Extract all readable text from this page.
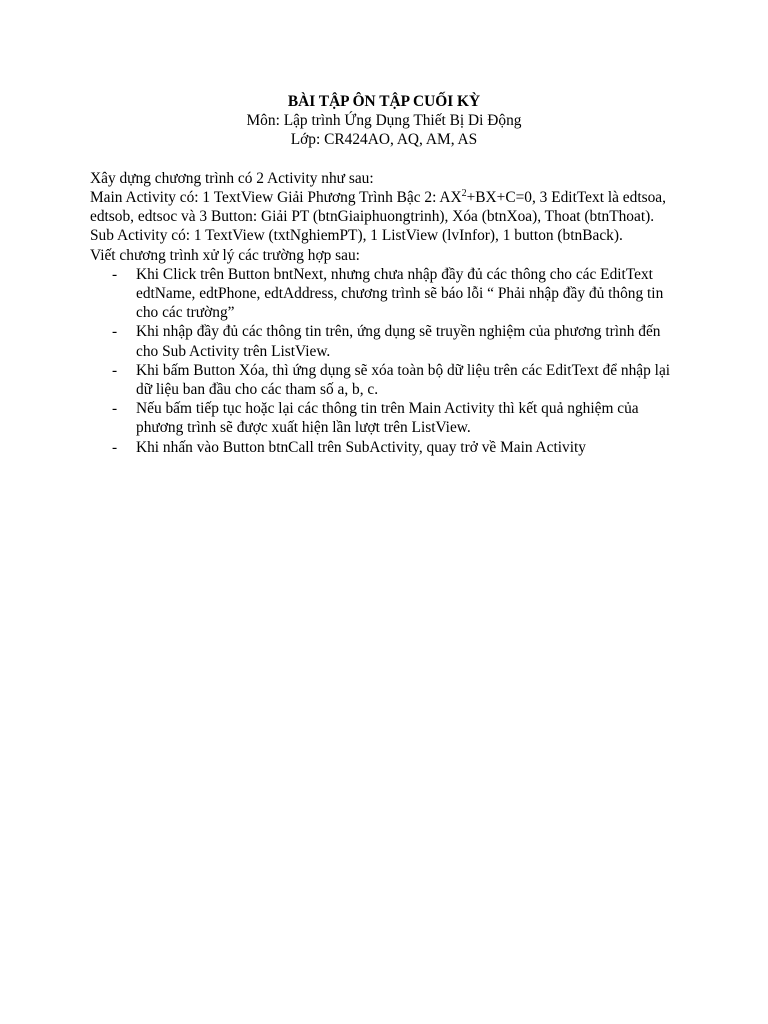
BÀI TẬP ÔN TẬP CUỐI KỲ
Môn: Lập trình Ứng Dụng Thiết Bị Di Động
Lớp: CR424AO, AQ, AM, AS

Xây dựng chương trình có 2 Activity như sau:

Main Activity có: 1 TextView Giải Phương Trình Bậc 2: $AX^2+BX+C=0$, 3 EditText là edtsoa, edtsob, edtsoc và 3 Button: Giải PT (btnGiaiphuongtrinh), Xóa (btnXoa), Thoat (btnThoat).

Sub Activity có: 1 TextView (txtNghiemPT), 1 ListView (lvInfor), 1 button (btnBack).

Viết chương trình xử lý các trường hợp sau:

- Khi Click trên Button bntNext, nhưng chưa nhập đầy đủ các thông cho các EditText edtName, edtPhone, edtAddress, chương trình sẽ báo lỗi “ Phải nhập đầy đủ thông tin cho các trường”
- Khi nhập đầy đủ các thông tin trên, ứng dụng sẽ truyền nghiệm của phương trình đến cho Sub Activity trên ListView.
- Khi bấm Button Xóa, thì ứng dụng sẽ xóa toàn bộ dữ liệu trên các EditText để nhập lại dữ liệu ban đầu cho các tham số a, b, c.
- Nếu bấm tiếp tục hoặc lại các thông tin trên Main Activity thì kết quả nghiệm của phương trình sẽ được xuất hiện lần lượt trên ListView.
- Khi nhấn vào Button btnCall trên SubActivity, quay trở về Main Activity
